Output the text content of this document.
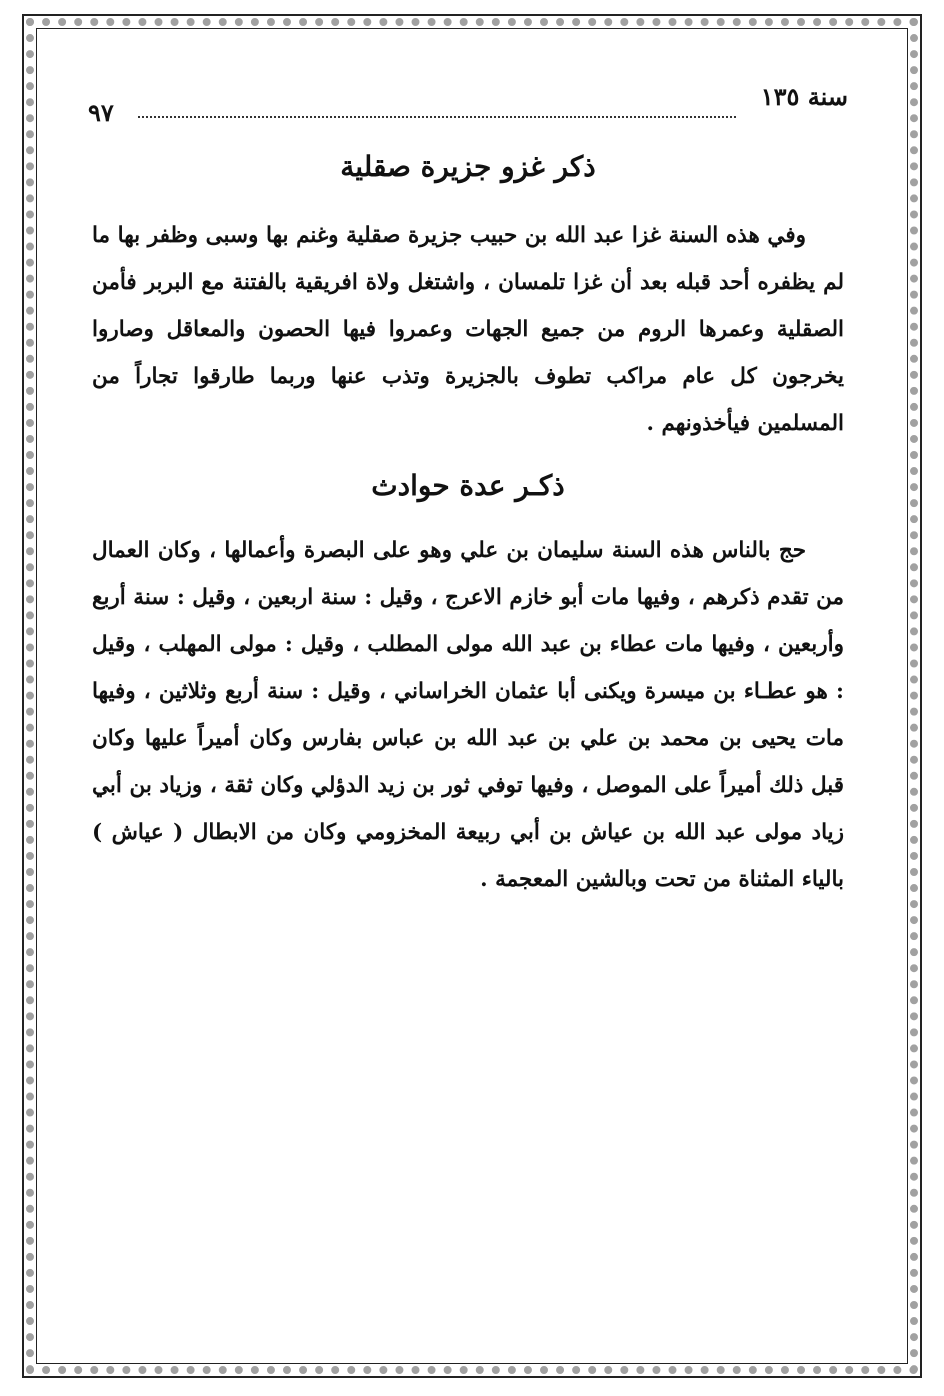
سنة ١٣٥
٩٧
ذكر غزو جزيرة صقلية

وفي هذه السنة غزا عبد الله بن حبيب جزيرة صقلية وغنم بها وسبى وظفر بها ما لم يظفره أحد قبله بعد أن غزا تلمسان ، واشتغل ولاة افريقية بالفتنة مع البربر فأمن الصقلية وعمرها الروم من جميع الجهات وعمروا فيها الحصون والمعاقل وصاروا يخرجون كل عام مراكب تطوف بالجزيرة وتذب عنها وربما طارقوا تجاراً من المسلمين فيأخذونهم .

ذكـر عدة حوادث

حج بالناس هذه السنة سليمان بن علي وهو على البصرة وأعمالها ، وكان العمال من تقدم ذكرهم ، وفيها مات أبو خازم الاعرج ، وقيل : سنة اربعين ، وقيل : سنة أربع وأربعين ، وفيها مات عطاء بن عبد الله مولى المطلب ، وقيل : مولى المهلب ، وقيل : هو عطـاء بن ميسرة ويكنى أبا عثمان الخراساني ، وقيل : سنة أربع وثلاثين ، وفيها مات يحيى بن محمد بن علي بن عبد الله بن عباس بفارس وكان أميراً عليها وكان قبل ذلك أميراً على الموصل ، وفيها توفي ثور بن زيد الدؤلي وكان ثقة ، وزياد بن أبي زياد مولى عبد الله بن عياش بن أبي ربيعة المخزومي وكان من الابطال ( عياش ) بالياء المثناة من تحت وبالشين المعجمة .
